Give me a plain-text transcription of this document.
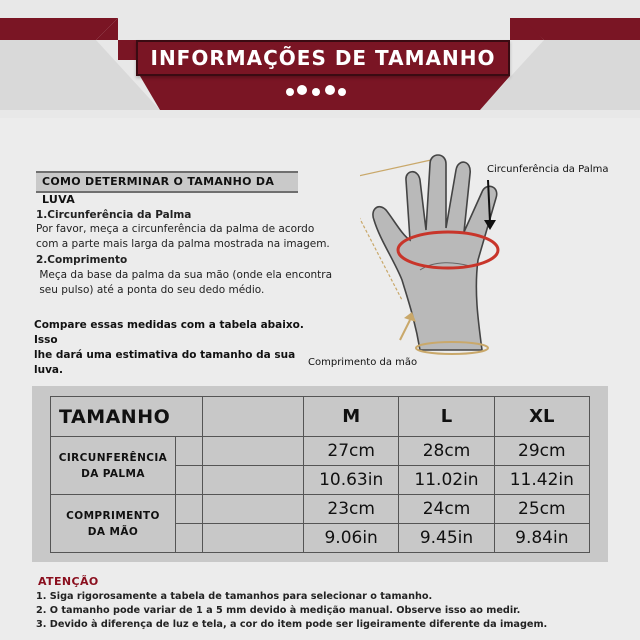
INFORMAÇÕES DE TAMANHO
COMO DETERMINAR O TAMANHO DA LUVA

1.Circunferência da Palma

Por favor, meça a circunferência da palma de acordo

com a parte mais larga da palma mostrada na imagem.

2.Comprimento

Meça da base da palma da sua mão (onde ela encontra

seu pulso) até a ponta do seu dedo médio.

Compare essas medidas com a tabela abaixo. Isso
lhe dará uma estimativa do tamanho da sua luva.
Circunferência da Palma
Comprimento da mão
TAMANHO			M	L	XL

CIRCUNFERÊNCIA
DA PALMA			27cm	28cm	29cm
			10.63in	11.02in	11.42in

COMPRIMENTO
DA MÃO			23cm	24cm	25cm
			9.06in	9.45in	9.84in
ATENÇÃO
1. Siga rigorosamente a tabela de tamanhos para selecionar o tamanho.
2. O tamanho pode variar de 1 a 5 mm devido à medição manual. Observe isso ao medir.
3. Devido à diferença de luz e tela, a cor do item pode ser ligeiramente diferente da imagem.
